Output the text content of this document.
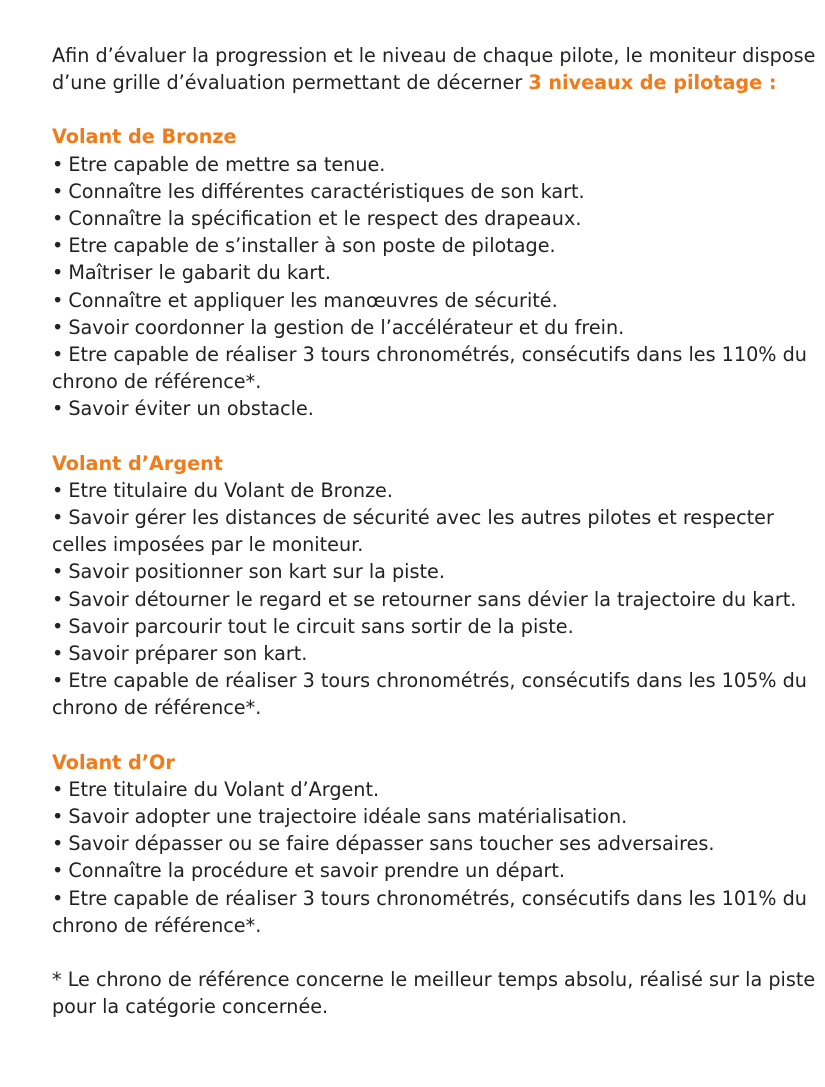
Afin d’évaluer la progression et le niveau de chaque pilote, le moniteur dispose d’une grille d’évaluation permettant de décerner 3 niveaux de pilotage :

Volant de Bronze

• Etre capable de mettre sa tenue.
• Connaître les différentes caractéristiques de son kart.
• Connaître la spécification et le respect des drapeaux.
• Etre capable de s’installer à son poste de pilotage.
• Maîtriser le gabarit du kart.
• Connaître et appliquer les manœuvres de sécurité.
• Savoir coordonner la gestion de l’accélérateur et du frein.
• Etre capable de réaliser 3 tours chronométrés, consécutifs dans les 110% du chrono de référence*.
• Savoir éviter un obstacle.

Volant d’Argent

• Etre titulaire du Volant de Bronze.
• Savoir gérer les distances de sécurité avec les autres pilotes et respecter celles imposées par le moniteur.
• Savoir positionner son kart sur la piste.
• Savoir détourner le regard et se retourner sans dévier la trajectoire du kart.
• Savoir parcourir tout le circuit sans sortir de la piste.
• Savoir préparer son kart.
• Etre capable de réaliser 3 tours chronométrés, consécutifs dans les 105% du chrono de référence*.

Volant d’Or

• Etre titulaire du Volant d’Argent.
• Savoir adopter une trajectoire idéale sans matérialisation.
• Savoir dépasser ou se faire dépasser sans toucher ses adversaires.
• Connaître la procédure et savoir prendre un départ.
• Etre capable de réaliser 3 tours chronométrés, consécutifs dans les 101% du chrono de référence*.

* Le chrono de référence concerne le meilleur temps absolu, réalisé sur la piste pour la catégorie concernée.
